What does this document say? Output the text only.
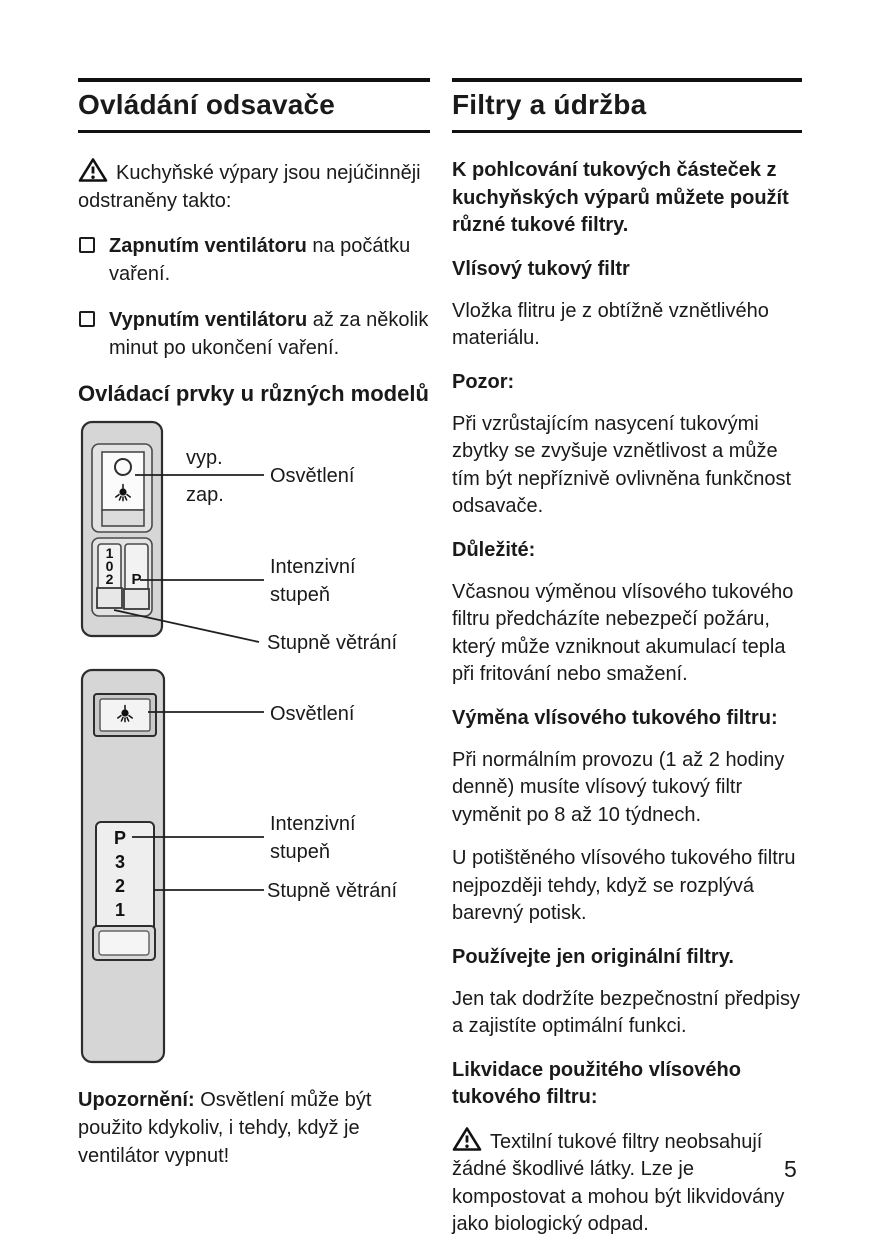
Ovládání odsavače

Kuchyňské výpary jsou nejúčinněji odstraněny takto:

Zapnutím ventilátoru na počátku vaření.
Vypnutím ventilátoru až za několik minut po ukončení vaření.
Ovládací prvky u různých modelů
1
0
2 P
vyp.
zap.
Osvětlení
Intenzivní
stupeň
Stupně větrání
P
3
2
1
Osvětlení
Intenzivní
stupeň
Stupně větrání

Upozornění: Osvětlení může být použito kdykoliv, i tehdy, když je ventilátor vypnut!

Filtry a údržba

K pohlcování tukových částeček z kuchyňských výparů můžete použít různé tukové filtry.

Vlísový tukový filtr

Vložka flitru je z obtížně vznětlivého materiálu.

Pozor:

Při vzrůstajícím nasycení tukovými zbytky se zvyšuje vznětlivost a může tím být nepříznivě ovlivněna funkčnost odsavače.

Důležité:

Včasnou výměnou vlísového tukového filtru předcházíte nebezpečí požáru, který může vzniknout akumulací tepla při fritování nebo smažení.

Výměna vlísového tukového filtru:

Při normálním provozu (1 až 2 hodiny denně) musíte vlísový tukový filtr vyměnit po 8 až 10 týdnech.

U potištěného vlísového tukového filtru nejpozději tehdy, když se rozplývá barevný potisk.

Používejte jen originální filtry.

Jen tak dodržíte bezpečnostní předpisy a zajistíte optimální funkci.

Likvidace použitého vlísového tukového filtru:

Textilní tukové filtry neobsahují žádné škodlivé látky. Lze je kompostovat a mohou být likvidovány jako biologický odpad.

5
